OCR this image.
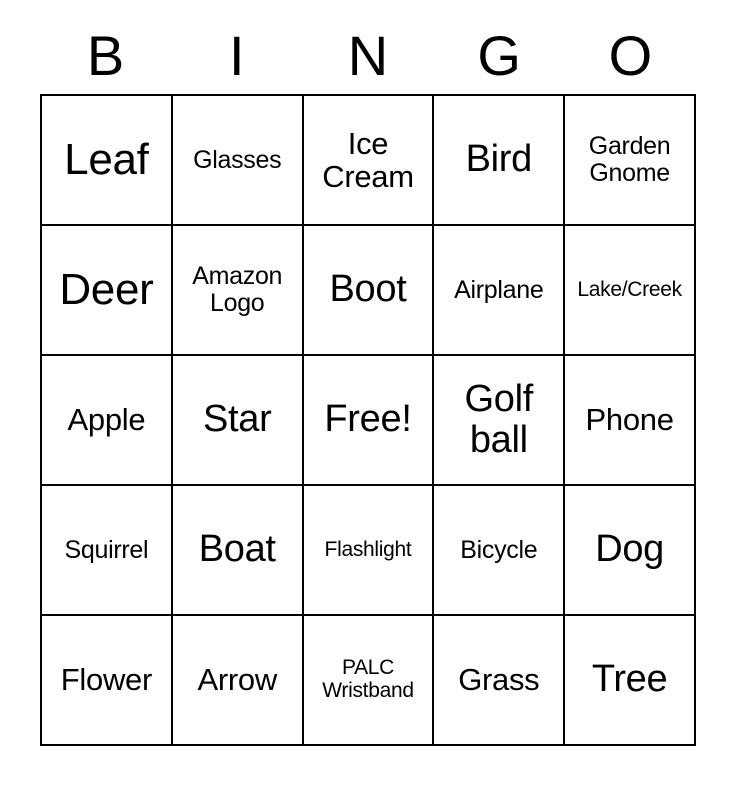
B I N G O
Leaf	Glasses	Ice Cream	Bird	Garden Gnome
Deer	Amazon Logo	Boot	Airplane	Lake/Creek
Apple	Star	Free!	Golf ball	Phone
Squirrel	Boat	Flashlight	Bicycle	Dog
Flower	Arrow	PALC Wristband	Grass	Tree
